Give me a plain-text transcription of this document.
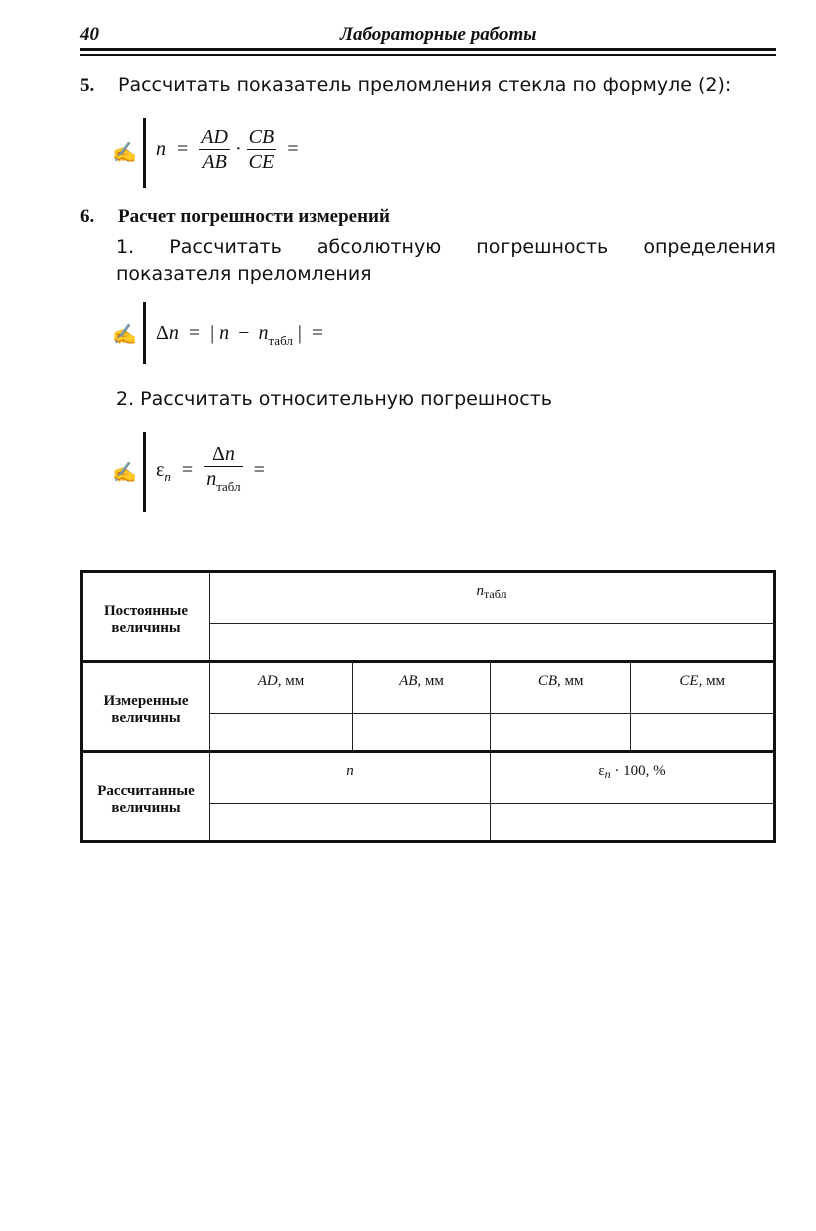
40	Лабораторные работы
5. Рассчитать показатель преломления стекла по формуле (2):
✍ $n = \frac{AD}{AB} \cdot \frac{CB}{CE}$ =
6. Расчет погрешности измерений
1. Рассчитать абсолютную погрешность определения показателя преломления
✍ Δn = | $n - n_{табл}$ | =
2. Рассчитать относительную погрешность
✍ $\varepsilon_n = \frac{\Delta n}{n_{табл}}$ =
Постоянные величины	$n_{табл}$

Измеренные величины	AD, мм	AB, мм	CB, мм	CE, мм

Рассчитанные величины	n		$\varepsilon_n \cdot 100$, %	
